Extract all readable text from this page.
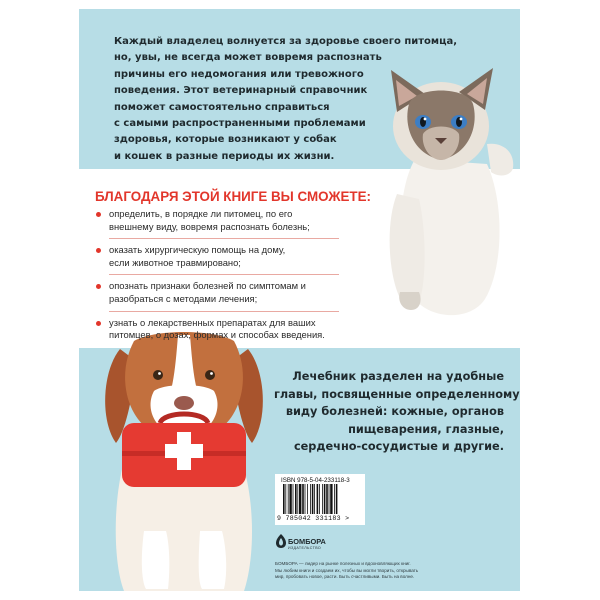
Каждый владелец волнуется за здоровье своего питомца,
но, увы, не всегда может вовремя распознать
причины его недомогания или тревожного
поведения. Этот ветеринарный справочник
поможет самостоятельно справиться
с самыми распространенными проблемами
здоровья, которые возникают у собак
и кошек в разные периоды их жизни.
БЛАГОДАРЯ ЭТОЙ КНИГЕ ВЫ СМОЖЕТЕ:
определить, в порядке ли питомец, по его
внешнему виду, вовремя распознать болезнь;
оказать хирургическую помощь на дому,
если животное травмировано;
опознать признаки болезней по симптомам и
разобраться с методами лечения;
узнать о лекарственных препаратах для ваших
питомцев, о дозах, формах и способах введения.
Лечебник разделен на удобные
главы, посвященные определенному
виду болезней: кожные, органов
пищеварения, глазные,
сердечно-сосудистые и другие.
ISBN 978-5-04-233118-3
9 785042 331183 >
БОМБОРА
ИЗДАТЕЛЬСТВО
БОМБОРА — лидер на рынке полезных и вдохновляющих книг.
Мы любим книги и создаем их, чтобы вы могли творить, открывать
мир, пробовать новое, расти. Быть счастливыми. Быть на волне.
